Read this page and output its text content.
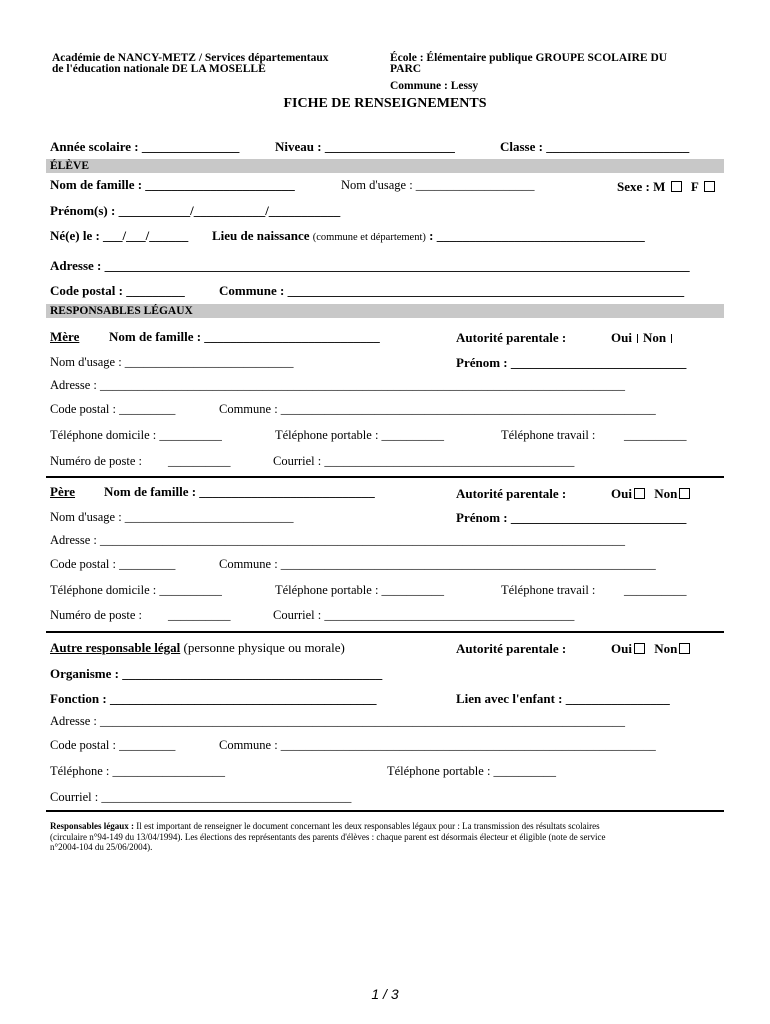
Académie de NANCY-METZ / Services départementaux
de l'éducation nationale DE LA MOSELLE
École : Élémentaire publique GROUPE SCOLAIRE DU
PARC
Commune : Lessy
FICHE DE RENSEIGNEMENTS
Année scolaire : _______________	Niveau : ____________________	Classe : ______________________
ÉLÈVE
Nom de famille : _______________________	Nom d'usage : ___________________	Sexe : M F
Prénom(s) : ___________/___________/___________
Né(e) le : ___/___/______ Lieu de naissance (commune et département) : ________________________________
Adresse : __________________________________________________________________________________________
Code postal : _________	Commune : _____________________________________________________________
RESPONSABLES LÉGAUX
Mère Nom de famille : ___________________________	Autorité parentale :	Oui Non
Nom d'usage : ___________________________	Prénom : ___________________________
Adresse : ____________________________________________________________________________________
Code postal : _________	Commune : ____________________________________________________________
Téléphone domicile : __________	Téléphone portable : __________	Téléphone travail : __________
Numéro de poste : __________	Courriel : ________________________________________
Père Nom de famille : ___________________________	Autorité parentale :	Oui Non
Nom d'usage : ___________________________	Prénom : ___________________________
Adresse : ____________________________________________________________________________________
Code postal : _________	Commune : ____________________________________________________________
Téléphone domicile : __________	Téléphone portable : __________	Téléphone travail : __________
Numéro de poste : __________	Courriel : ________________________________________
Autre responsable légal (personne physique ou morale)	Autorité parentale :	Oui Non
Organisme : ________________________________________
Fonction : _________________________________________	Lien avec l'enfant : ________________
Adresse : ____________________________________________________________________________________
Code postal : _________	Commune : ____________________________________________________________
Téléphone : __________________	Téléphone portable : __________
Courriel : ________________________________________
Responsables légaux : Il est important de renseigner le document concernant les deux responsables légaux pour : La transmission des résultats scolaires
(circulaire n°94-149 du 13/04/1994). Les élections des représentants des parents d'élèves : chaque parent est désormais électeur et éligible (note de service
n°2004-104 du 25/06/2004).
1 / 3
